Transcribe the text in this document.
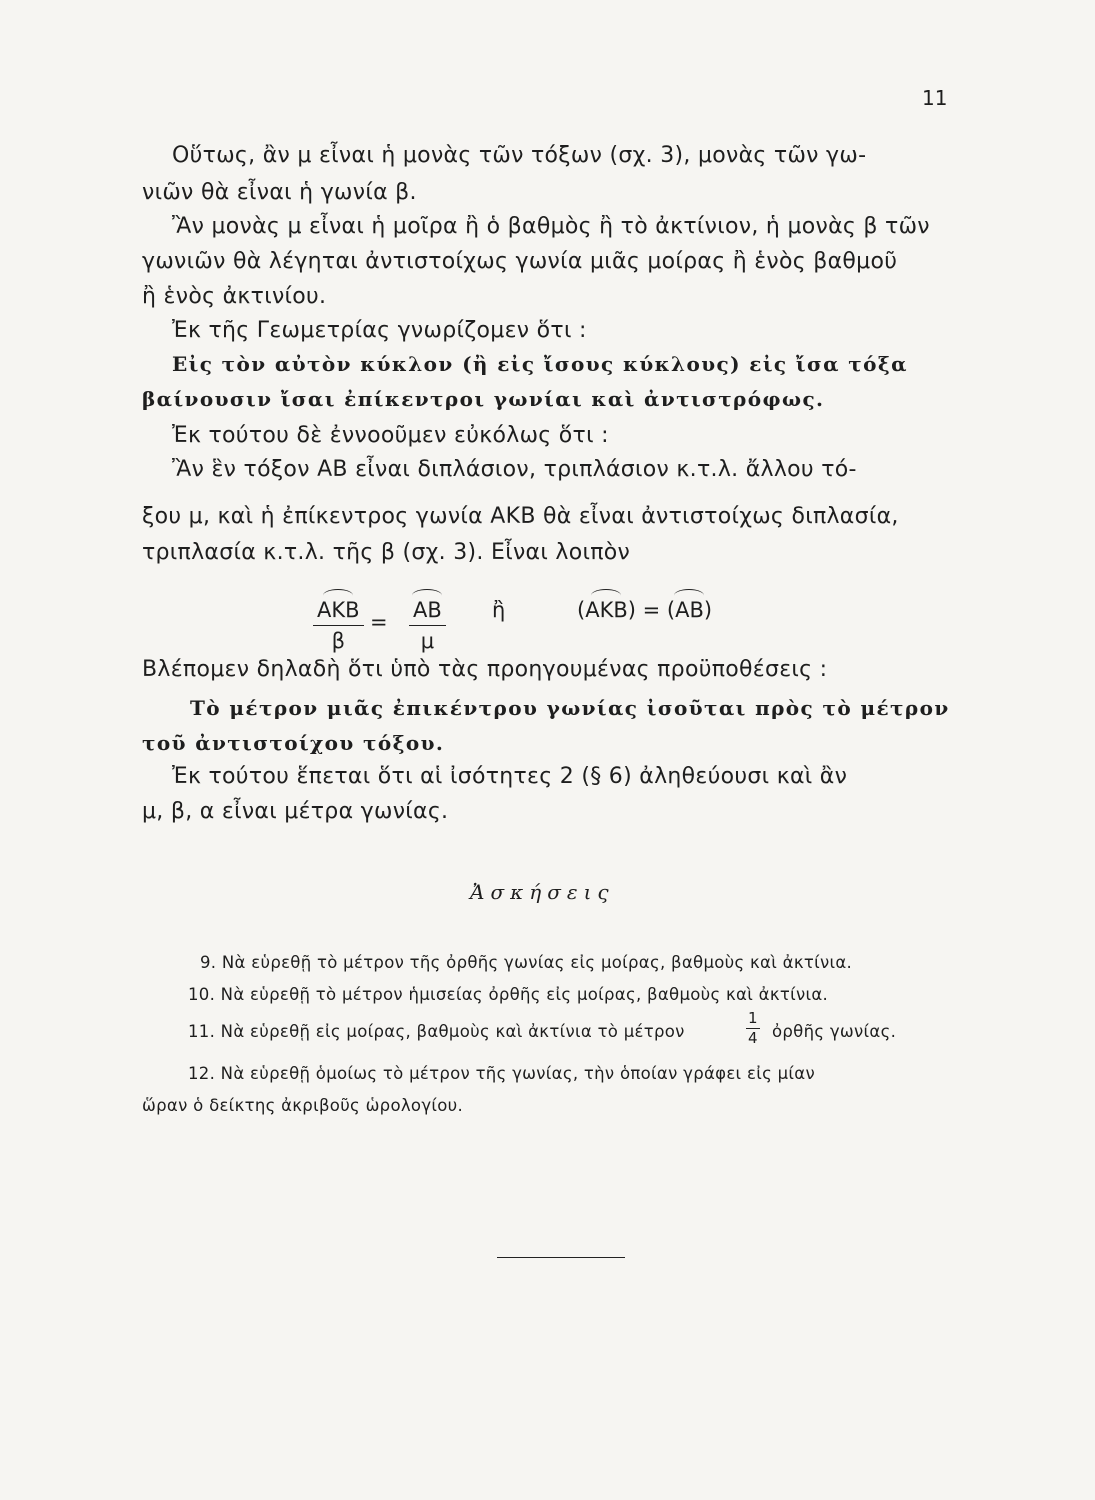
11
Οὕτως, ἂν μ εἶναι ἡ μονὰς τῶν τόξων (σχ. 3), μονὰς τῶν γω-
νιῶν θὰ εἶναι ἡ γωνία β.
Ἂν μονὰς μ εἶναι ἡ μοῖρα ἢ ὁ βαθμὸς ἢ τὸ ἀκτίνιον, ἡ μονὰς β τῶν
γωνιῶν θὰ λέγηται ἀντιστοίχως γωνία μιᾶς μοίρας ἢ ἑνὸς βαθμοῦ
ἢ ἑνὸς ἀκτινίου.
Ἐκ τῆς Γεωμετρίας γνωρίζομεν ὅτι :
Εἰς τὸν αὐτὸν κύκλον (ἢ εἰς ἴσους κύκλους) εἰς ἴσα τόξα
βαίνουσιν ἴσαι ἐπίκεντροι γωνίαι καὶ ἀντιστρόφως.
Ἐκ τούτου δὲ ἐννοοῦμεν εὐκόλως ὅτι :
Ἂν ἓν τόξον ΑΒ εἶναι διπλάσιον, τριπλάσιον κ.τ.λ. ἄλλου τό-
ξου μ, καὶ ἡ ἐπίκεντρος γωνία ΑΚΒ θὰ εἶναι ἀντιστοίχως διπλασία,
τριπλασία κ.τ.λ. τῆς β (σχ. 3). Εἶναι λοιπὸν
ΑΚΒ
β
= $\frac{AB}{\mu}$ ἢ	(ΑΚΒ) = (ΑΒ)
Βλέπομεν δηλαδὴ ὅτι ὑπὸ τὰς προηγουμένας προϋποθέσεις :
Τὸ μέτρον μιᾶς ἐπικέντρου γωνίας ἰσοῦται πρὸς τὸ μέτρον
τοῦ ἀντιστοίχου τόξου.
Ἐκ τούτου ἕπεται ὅτι αἱ ἰσότητες 2 (§ 6) ἀληθεύουσι καὶ ἂν
μ, β, α εἶναι μέτρα γωνίας.
Ἀσκήσεις
9. Νὰ εὑρεθῇ τὸ μέτρον τῆς ὀρθῆς γωνίας εἰς μοίρας, βαθμοὺς καὶ ἀκτίνια.
10. Νὰ εὑρεθῇ τὸ μέτρον ἡμισείας ὀρθῆς εἰς μοίρας, βαθμοὺς καὶ ἀκτίνια.
11. Νὰ εὑρεθῇ εἰς μοίρας, βαθμοὺς καὶ ἀκτίνια τὸ μέτρον	$\frac{1}{4}$ ὀρθῆς γωνίας.
12. Νὰ εὑρεθῇ ὁμοίως τὸ μέτρον τῆς γωνίας, τὴν ὁποίαν γράφει εἰς μίαν
ὥραν ὁ δείκτης ἀκριβοῦς ὡρολογίου.
